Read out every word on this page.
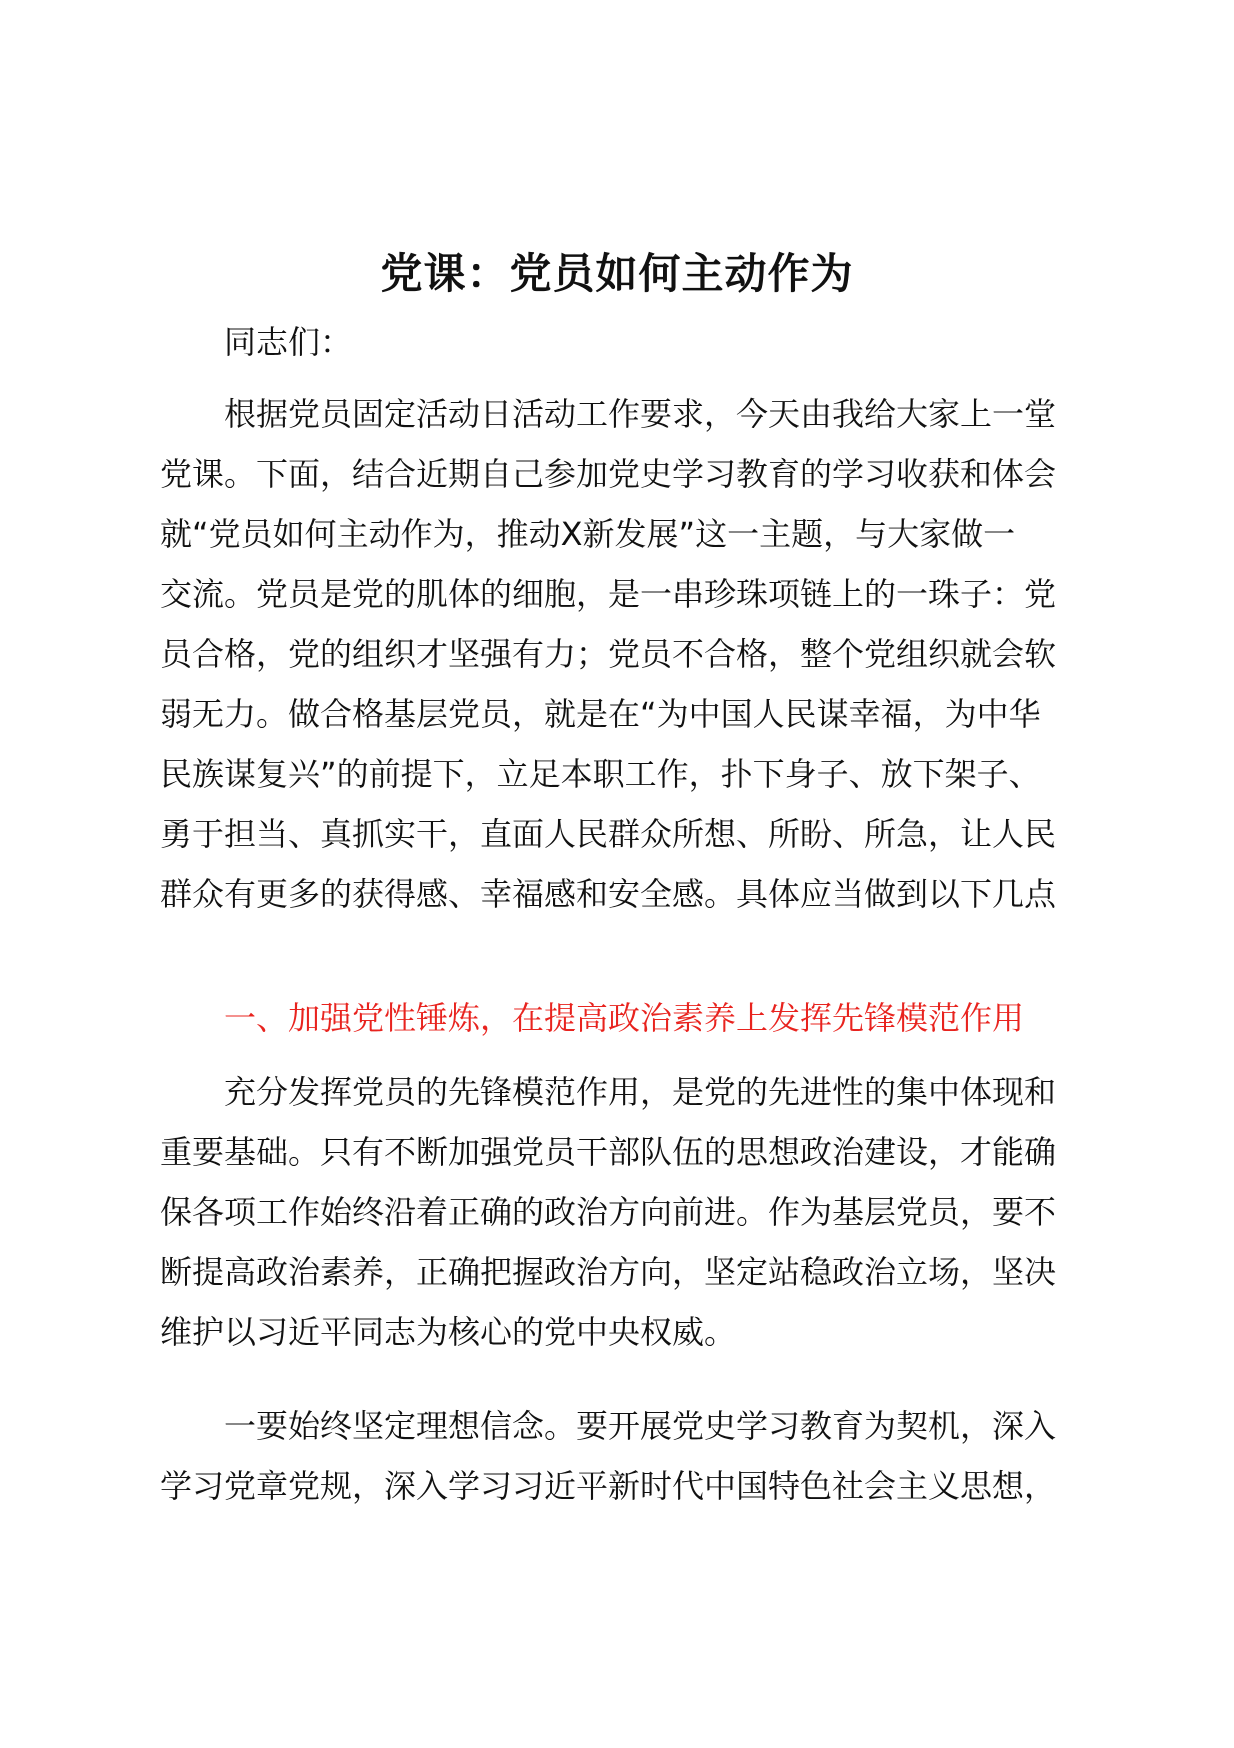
党课：党员如何主动作为
同志们：
根据党员固定活动日活动工作要求，今天由我给大家上一堂
党课。下面，结合近期自己参加党史学习教育的学习收获和体会
就“党员如何主动作为，推动X新发展”这一主题，与大家做一
交流。党员是党的肌体的细胞，是一串珍珠项链上的一珠子：党
员合格，党的组织才坚强有力；党员不合格，整个党组织就会软
弱无力。做合格基层党员，就是在“为中国人民谋幸福，为中华
民族谋复兴”的前提下，立足本职工作，扑下身子、放下架子、
勇于担当、真抓实干，直面人民群众所想、所盼、所急，让人民
群众有更多的获得感、幸福感和安全感。具体应当做到以下几点
一、加强党性锤炼，在提高政治素养上发挥先锋模范作用
充分发挥党员的先锋模范作用，是党的先进性的集中体现和
重要基础。只有不断加强党员干部队伍的思想政治建设，才能确
保各项工作始终沿着正确的政治方向前进。作为基层党员，要不
断提高政治素养，正确把握政治方向，坚定站稳政治立场，坚决
维护以习近平同志为核心的党中央权威。
一要始终坚定理想信念。要开展党史学习教育为契机，深入
学习党章党规，深入学习习近平新时代中国特色社会主义思想，
